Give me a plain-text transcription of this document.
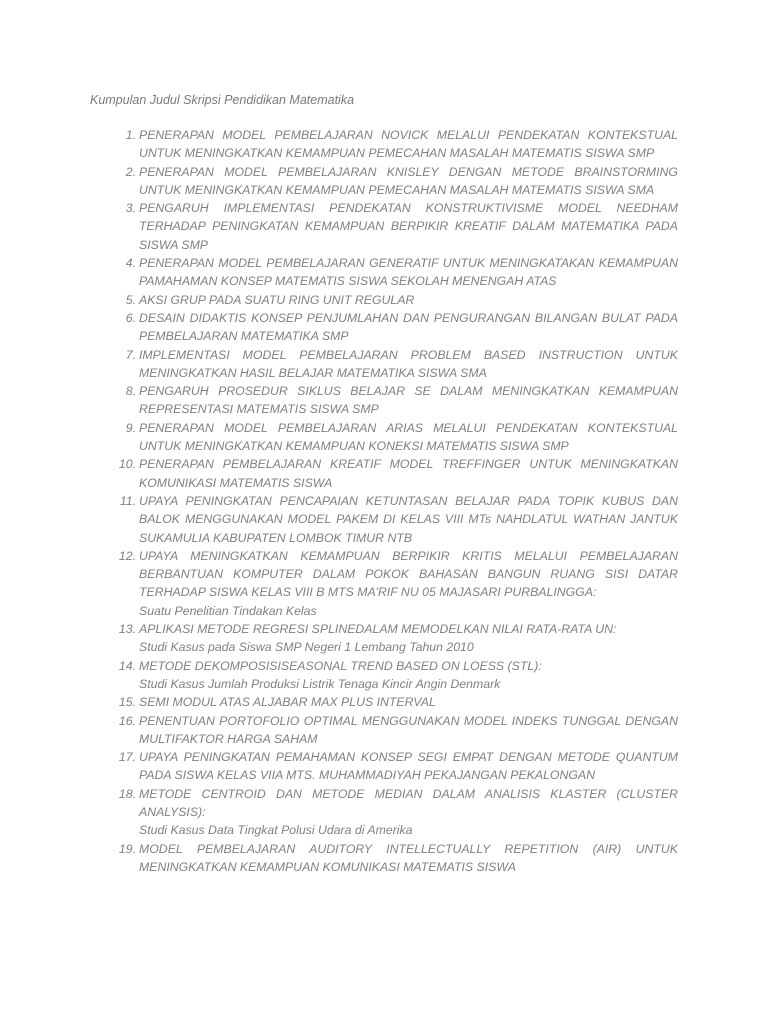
Kumpulan Judul Skripsi Pendidikan Matematika
1. PENERAPAN MODEL PEMBELAJARAN NOVICK MELALUI PENDEKATAN KONTEKSTUAL UNTUK MENINGKATKAN KEMAMPUAN PEMECAHAN MASALAH MATEMATIS SISWA SMP
2. PENERAPAN MODEL PEMBELAJARAN KNISLEY DENGAN METODE BRAINSTORMING UNTUK MENINGKATKAN KEMAMPUAN PEMECAHAN MASALAH MATEMATIS SISWA SMA
3. PENGARUH IMPLEMENTASI PENDEKATAN KONSTRUKTIVISME MODEL NEEDHAM TERHADAP PENINGKATAN KEMAMPUAN BERPIKIR KREATIF DALAM MATEMATIKA PADA SISWA SMP
4. PENERAPAN MODEL PEMBELAJARAN GENERATIF UNTUK MENINGKATAKAN KEMAMPUAN PAMAHAMAN KONSEP MATEMATIS SISWA SEKOLAH MENENGAH ATAS
5. AKSI GRUP PADA SUATU RING UNIT REGULAR
6. DESAIN DIDAKTIS KONSEP PENJUMLAHAN DAN PENGURANGAN BILANGAN BULAT PADA PEMBELAJARAN MATEMATIKA SMP
7. IMPLEMENTASI MODEL PEMBELAJARAN PROBLEM BASED INSTRUCTION UNTUK MENINGKATKAN HASIL BELAJAR MATEMATIKA SISWA SMA
8. PENGARUH PROSEDUR SIKLUS BELAJAR SE DALAM MENINGKATKAN KEMAMPUAN REPRESENTASI MATEMATIS SISWA SMP
9. PENERAPAN MODEL PEMBELAJARAN ARIAS MELALUI PENDEKATAN KONTEKSTUAL UNTUK MENINGKATKAN KEMAMPUAN KONEKSI MATEMATIS SISWA SMP
10. PENERAPAN PEMBELAJARAN KREATIF MODEL TREFFINGER UNTUK MENINGKATKAN KOMUNIKASI MATEMATIS SISWA
11. UPAYA PENINGKATAN PENCAPAIAN KETUNTASAN BELAJAR PADA TOPIK KUBUS DAN BALOK MENGGUNAKAN MODEL PAKEM DI KELAS VIII MTs NAHDLATUL WATHAN JANTUK SUKAMULIA KABUPATEN LOMBOK TIMUR NTB
12. UPAYA MENINGKATKAN KEMAMPUAN BERPIKIR KRITIS MELALUI PEMBELAJARAN BERBANTUAN KOMPUTER DALAM POKOK BAHASAN BANGUN RUANG SISI DATAR TERHADAP SISWA KELAS VIII B MTS MA’RIF NU 05 MAJASARI PURBALINGGA:
Suatu Penelitian Tindakan Kelas
13. APLIKASI METODE REGRESI SPLINEDALAM MEMODELKAN NILAI RATA-RATA UN:
Studi Kasus pada Siswa SMP Negeri 1 Lembang Tahun 2010
14. METODE DEKOMPOSISISEASONAL TREND BASED ON LOESS (STL):
Studi Kasus Jumlah Produksi Listrik Tenaga Kincir Angin Denmark
15. SEMI MODUL ATAS ALJABAR MAX PLUS INTERVAL
16. PENENTUAN PORTOFOLIO OPTIMAL MENGGUNAKAN MODEL INDEKS TUNGGAL DENGAN MULTIFAKTOR HARGA SAHAM
17. UPAYA PENINGKATAN PEMAHAMAN KONSEP SEGI EMPAT DENGAN METODE QUANTUM PADA SISWA KELAS VIIA MTS. MUHAMMADIYAH PEKAJANGAN PEKALONGAN
18. METODE CENTROID DAN METODE MEDIAN DALAM ANALISIS KLASTER (CLUSTER ANALYSIS):
Studi Kasus Data Tingkat Polusi Udara di Amerika
19. MODEL PEMBELAJARAN AUDITORY INTELLECTUALLY REPETITION (AIR) UNTUK MENINGKATKAN KEMAMPUAN KOMUNIKASI MATEMATIS SISWA
